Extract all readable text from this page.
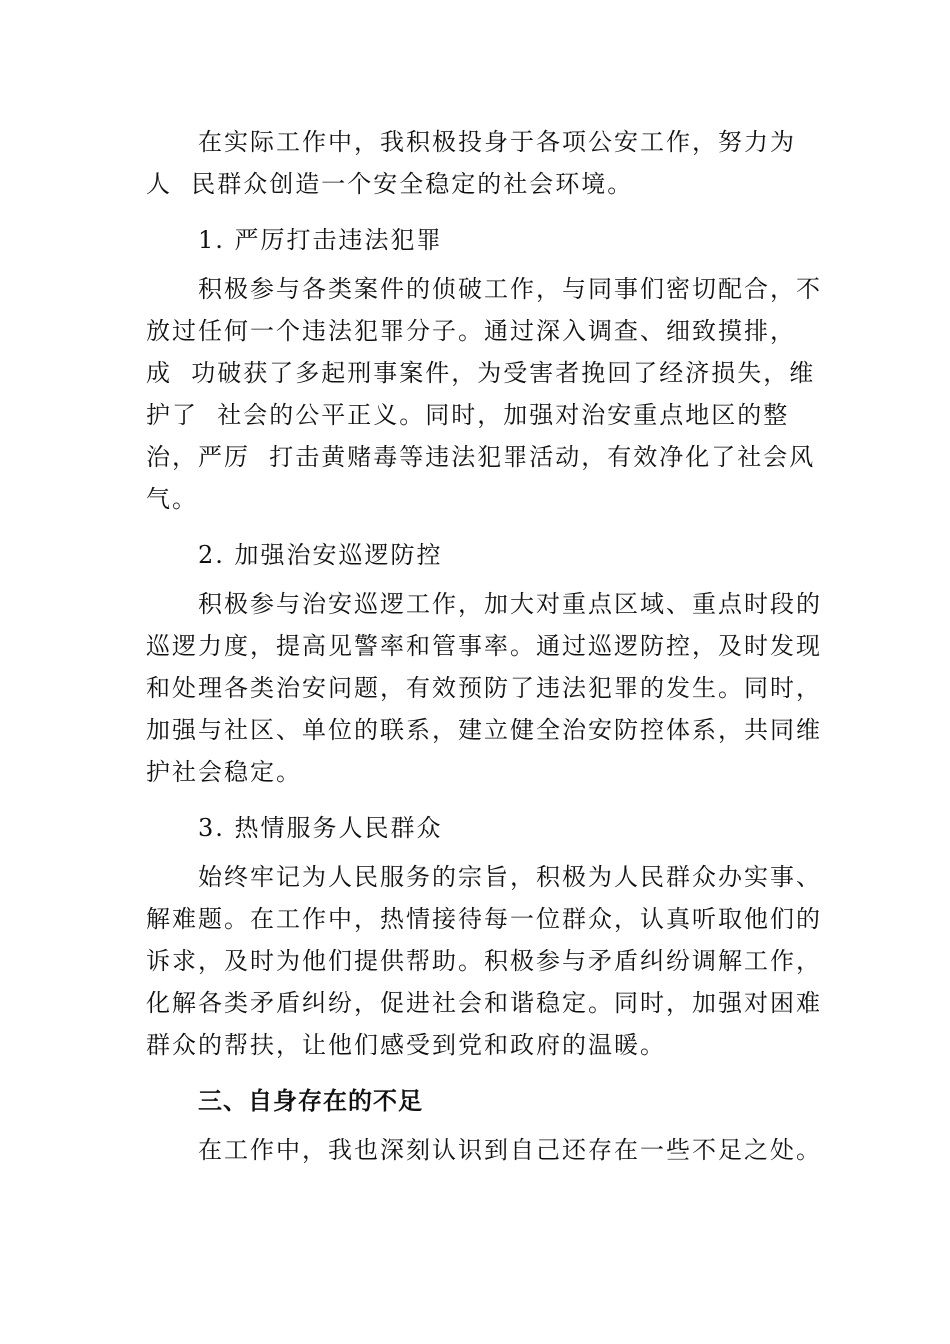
在实际工作中，我积极投身于各项公安工作，努力为
人  民群众创造一个安全稳定的社会环境。
1. 严厉打击违法犯罪
积极参与各类案件的侦破工作，与同事们密切配合，不
放过任何一个违法犯罪分子。通过深入调查、细致摸排，
成  功破获了多起刑事案件，为受害者挽回了经济损失，维
护了  社会的公平正义。同时，加强对治安重点地区的整
治，严厉  打击黄赌毒等违法犯罪活动，有效净化了社会风
气。
2. 加强治安巡逻防控
积极参与治安巡逻工作，加大对重点区域、重点时段的
巡逻力度，提高见警率和管事率。通过巡逻防控，及时发现
和处理各类治安问题，有效预防了违法犯罪的发生。同时，
加强与社区、单位的联系，建立健全治安防控体系，共同维
护社会稳定。
3. 热情服务人民群众
始终牢记为人民服务的宗旨，积极为人民群众办实事、
解难题。在工作中，热情接待每一位群众，认真听取他们的
诉求，及时为他们提供帮助。积极参与矛盾纠纷调解工作，
化解各类矛盾纠纷，促进社会和谐稳定。同时，加强对困难
群众的帮扶，让他们感受到党和政府的温暖。
三、自身存在的不足
在工作中，我也深刻认识到自己还存在一些不足之处。
